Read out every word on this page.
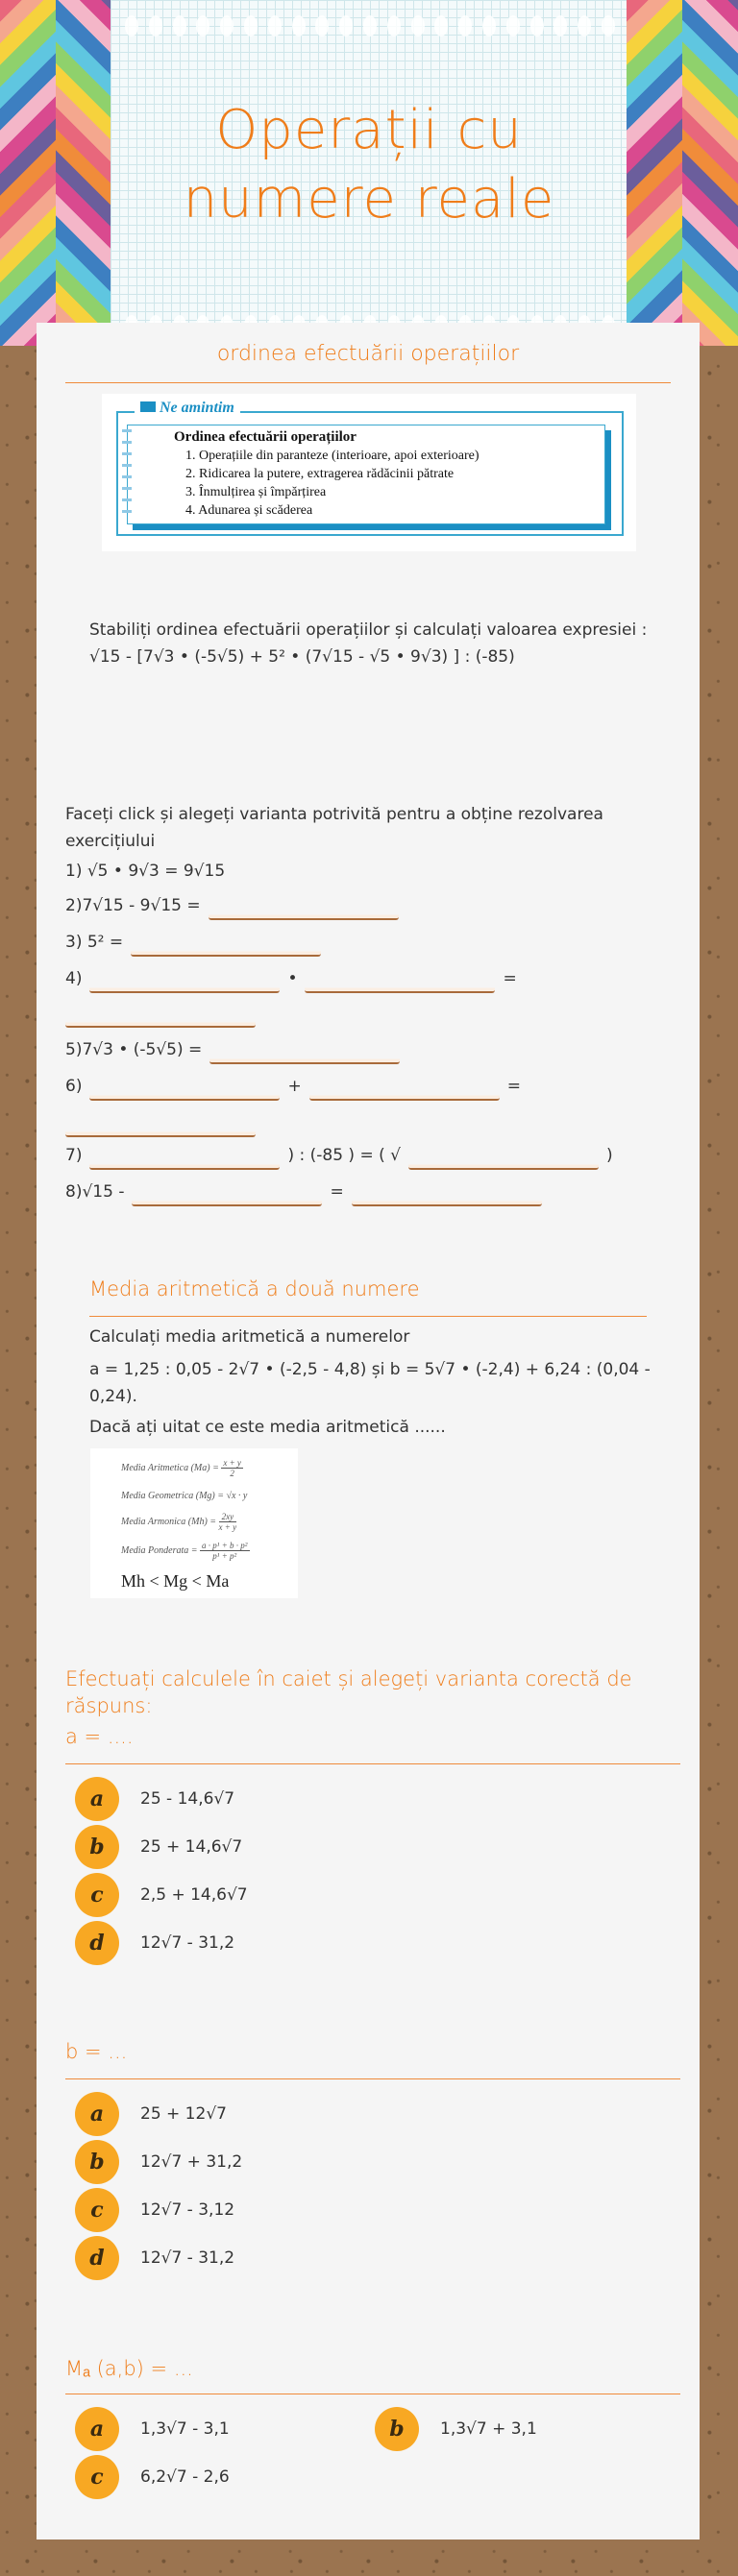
Operații cu numere reale
ordinea efectuării operațiilor
Ne amintim
Ordinea efectuării operațiilor
1. Operațiile din paranteze (interioare, apoi exterioare)
2. Ridicarea la putere, extragerea rădăcinii pătrate
3. Înmulțirea și împărțirea
4. Adunarea și scăderea
Stabiliți ordinea efectuării operațiilor și calculați valoarea expresiei :
√15 - [7√3 • (-5√5) + 5² • (7√15 - √5 • 9√3) ] : (-85)
Faceți click și alegeți varianta potrivită pentru a obține rezolvarea exercițiului
1) √5 • 9√3 = 9√15
2)7√15 - 9√15 =
3) 5² =
4)	•	=
5)7√3 • (-5√5) =
6)	+	=
7)	) : (-85 ) = ( √	)
8)√15 -	=
Media aritmetică a două numere
Calculați media aritmetică a numerelor
a = 1,25 : 0,05 - 2√7 • (-2,5 - 4,8) și b = 5√7 • (-2,4) + 6,24 : (0,04 - 0,24).
Dacă ați uitat ce este media aritmetică ......
Media Aritmetica $(Ma) = \frac{x + y}{2}$
Media Geometrica (Mg) = √x · y
Media Armonica $(Mh) = \frac{2xy}{x + y}$
Media Ponderata = $\frac{\text{a · p¹ + b · p²}}{\text{p¹ + p²}}$
Mh < Mg < Ma
Efectuați calculele în caiet și alegeți varianta corectă de răspuns:
a = ....
a	25 - 14,6√7
b	25 + 14,6√7
c	2,5 + 14,6√7
d	12√7 - 31,2
b = ...
a	25 + 12√7
b	12√7 + 31,2
c	12√7 - 3,12
d	12√7 - 31,2
Mₐ (a,b) = ...
a	1,3√7 - 3,1	b	1,3√7 + 3,1
c	6,2√7 - 2,6
